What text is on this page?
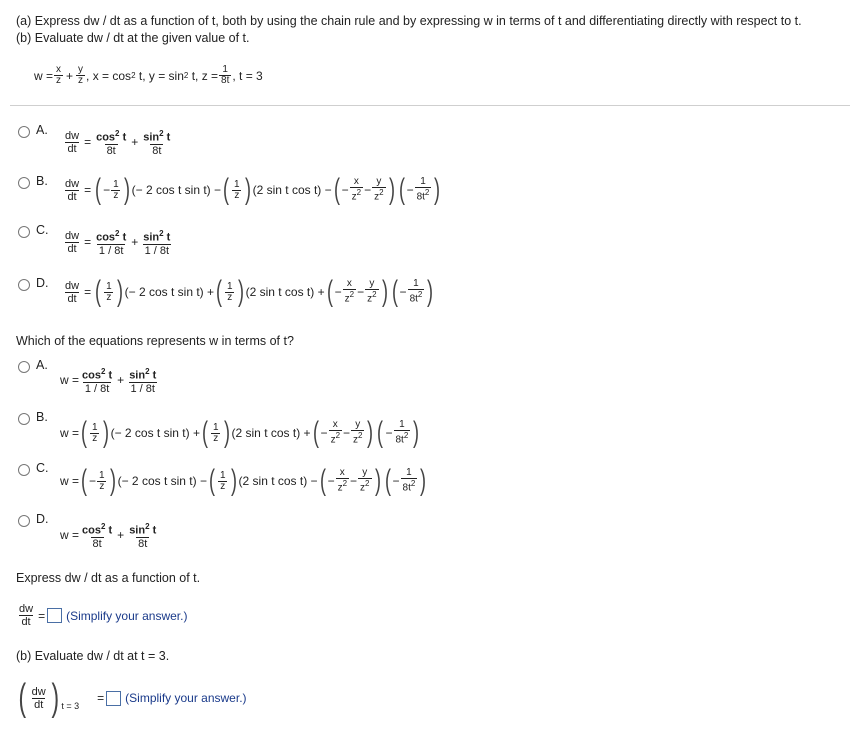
(a) Express dw / dt as a function of t, both by using the chain rule and by expressing w in terms of t and differentiating directly with respect to t.
(b) Evaluate dw / dt at the given value of t.
$w = \frac{x}{z} + \frac{y}{z}$ , x = cos 2
t, y = sin 2
t, $z = \frac{1}{8t}$ , t = 3
A. $\frac{dw}{dt} = \frac{\cos^2 t}{8t} + \frac{\sin^2 t}{8t}$
B. $\frac{dw}{dt}$ = ( − $\frac{1}{z}$ ) (− 2 cos t sin t) − ( $\frac{1}{z}$ ) (2 sin t cos t) − ( − $\frac{x}{z^2} - \frac{y}{z^2}$ ) ( − $\frac{1}{8t^2}$ )
C. $\frac{dw}{dt} = \frac{\cos^2 t}{1 / 8t} + \frac{\sin^2 t}{1 / 8t}$
D. $\frac{dw}{dt}$ = ( $\frac{1}{z}$ ) (− 2 cos t sin t) + ( $\frac{1}{z}$ ) (2 sin t cos t) + ( − $\frac{x}{z^2} - \frac{y}{z^2}$ ) ( − $\frac{1}{8t^2}$ )
Which of the equations represents w in terms of t?
A.
$w = \frac{\cos^2 t}{1 / 8t} + \frac{\sin^2 t}{1 / 8t}$
B.
w = ( $\frac{1}{z}$ ) (− 2 cos t sin t) + ( $\frac{1}{z}$ ) (2 sin t cos t) + ( − $\frac{x}{z^2} - \frac{y}{z^2}$ ) ( − $\frac{1}{8t^2}$ )
C.
w = ( − $\frac{1}{z}$ ) (− 2 cos t sin t) − ( $\frac{1}{z}$ ) (2 sin t cos t) − ( − $\frac{x}{z^2} - \frac{y}{z^2}$ ) ( − $\frac{1}{8t^2}$ )
D.
$w = \frac{\cos^2 t}{8t} + \frac{\sin^2 t}{8t}$
Express dw / dt as a function of t.
$\frac{dw}{dt}$ = (Simplify your answer.)
(b) Evaluate dw / dt at t = 3.
( $\frac{dw}{dt}$ ) t = 3
= (Simplify your answer.)
